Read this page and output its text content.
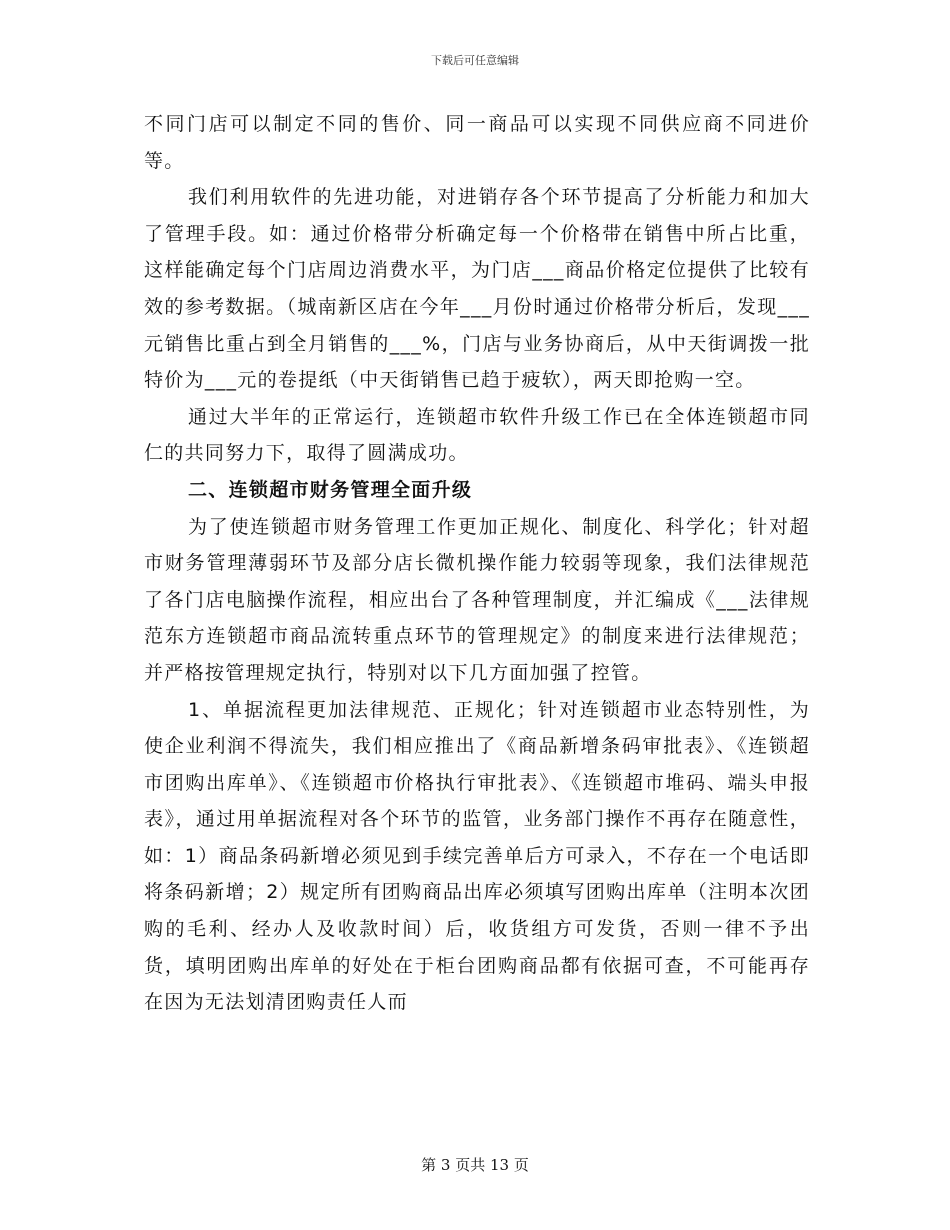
下载后可任意编辑

不同门店可以制定不同的售价、同一商品可以实现不同供应商不同进价等。

我们利用软件的先进功能，对进销存各个环节提高了分析能力和加大了管理手段。如：通过价格带分析确定每一个价格带在销售中所占比重，这样能确定每个门店周边消费水平，为门店___商品价格定位提供了比较有效的参考数据。（城南新区店在今年___月份时通过价格带分析后，发现___元销售比重占到全月销售的___%，门店与业务协商后，从中天街调拨一批特价为___元的卷提纸（中天街销售已趋于疲软），两天即抢购一空。

通过大半年的正常运行，连锁超市软件升级工作已在全体连锁超市同仁的共同努力下，取得了圆满成功。

二、连锁超市财务管理全面升级

为了使连锁超市财务管理工作更加正规化、制度化、科学化；针对超市财务管理薄弱环节及部分店长微机操作能力较弱等现象，我们法律规范了各门店电脑操作流程，相应出台了各种管理制度，并汇编成《___法律规范东方连锁超市商品流转重点环节的管理规定》的制度来进行法律规范；并严格按管理规定执行，特别对以下几方面加强了控管。

1、单据流程更加法律规范、正规化；针对连锁超市业态特别性，为使企业利润不得流失，我们相应推出了《商品新增条码审批表》、《连锁超市团购出库单》、《连锁超市价格执行审批表》、《连锁超市堆码、端头申报表》，通过用单据流程对各个环节的监管，业务部门操作不再存在随意性，如：1）商品条码新增必须见到手续完善单后方可录入，不存在一个电话即将条码新增；2）规定所有团购商品出库必须填写团购出库单（注明本次团购的毛利、经办人及收款时间）后，收货组方可发货，否则一律不予出货，填明团购出库单的好处在于柜台团购商品都有依据可查，不可能再存在因为无法划清团购责任人而

第 3 页共 13 页
